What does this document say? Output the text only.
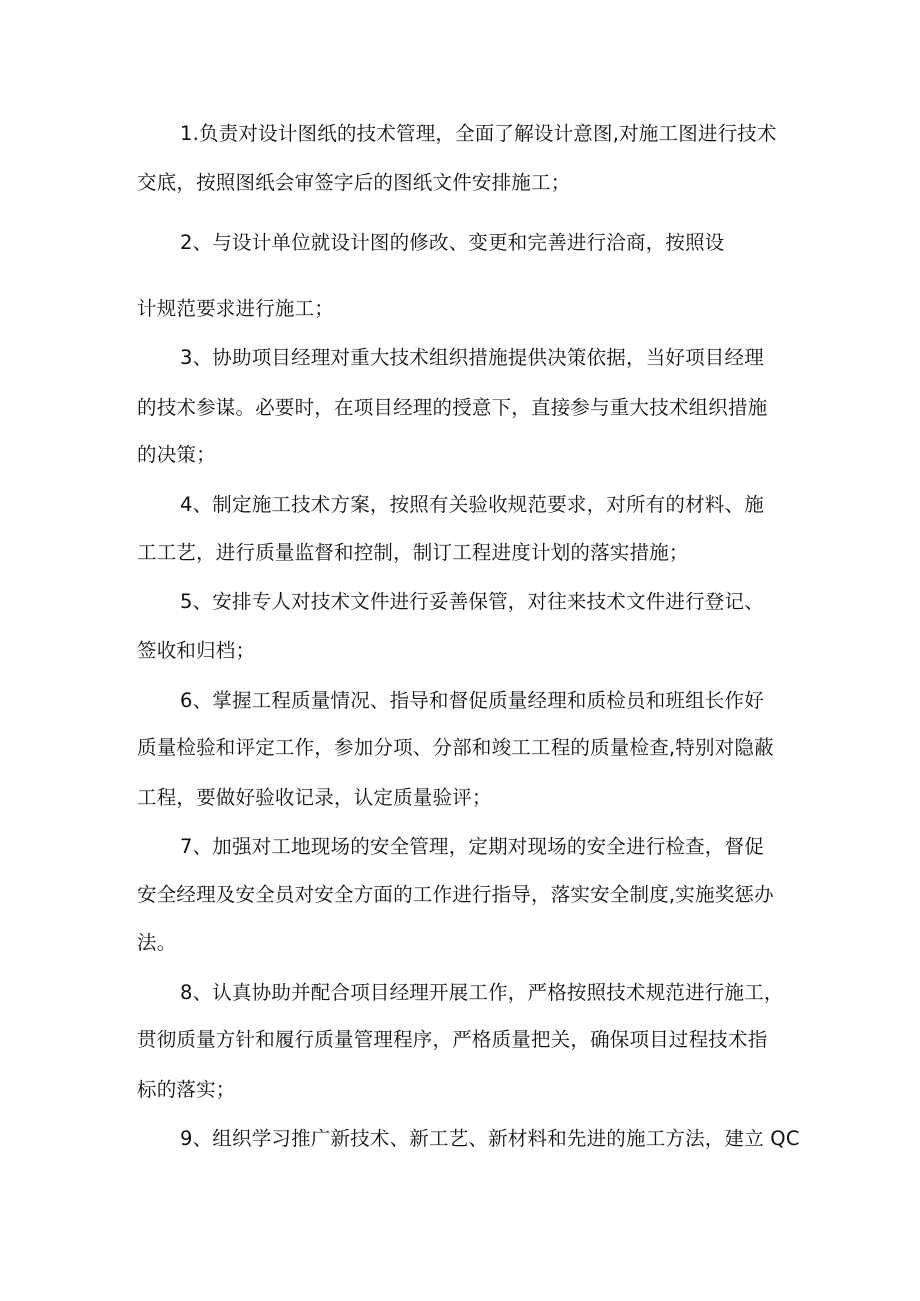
1.负责对设计图纸的技术管理，全面了解设计意图,对施工图进行技术
交底，按照图纸会审签字后的图纸文件安排施工；
2、与设计单位就设计图的修改、变更和完善进行洽商，按照设
计规范要求进行施工；
3、协助项目经理对重大技术组织措施提供决策依据，当好项目经理
的技术参谋。必要时，在项目经理的授意下，直接参与重大技术组织措施
的决策；
4、制定施工技术方案，按照有关验收规范要求，对所有的材料、施
工工艺，进行质量监督和控制，制订工程进度计划的落实措施；
5、安排专人对技术文件进行妥善保管，对往来技术文件进行登记、
签收和归档；
6、掌握工程质量情况、指导和督促质量经理和质检员和班组长作好
质量检验和评定工作，参加分项、分部和竣工工程的质量检查,特别对隐蔽
工程，要做好验收记录，认定质量验评；
7、加强对工地现场的安全管理，定期对现场的安全进行检查，督促
安全经理及安全员对安全方面的工作进行指导，落实安全制度,实施奖惩办
法。
8、认真协助并配合项目经理开展工作，严格按照技术规范进行施工，
贯彻质量方针和履行质量管理程序，严格质量把关，确保项目过程技术指
标的落实；
9、组织学习推广新技术、新工艺、新材料和先进的施工方法，建立 QC
